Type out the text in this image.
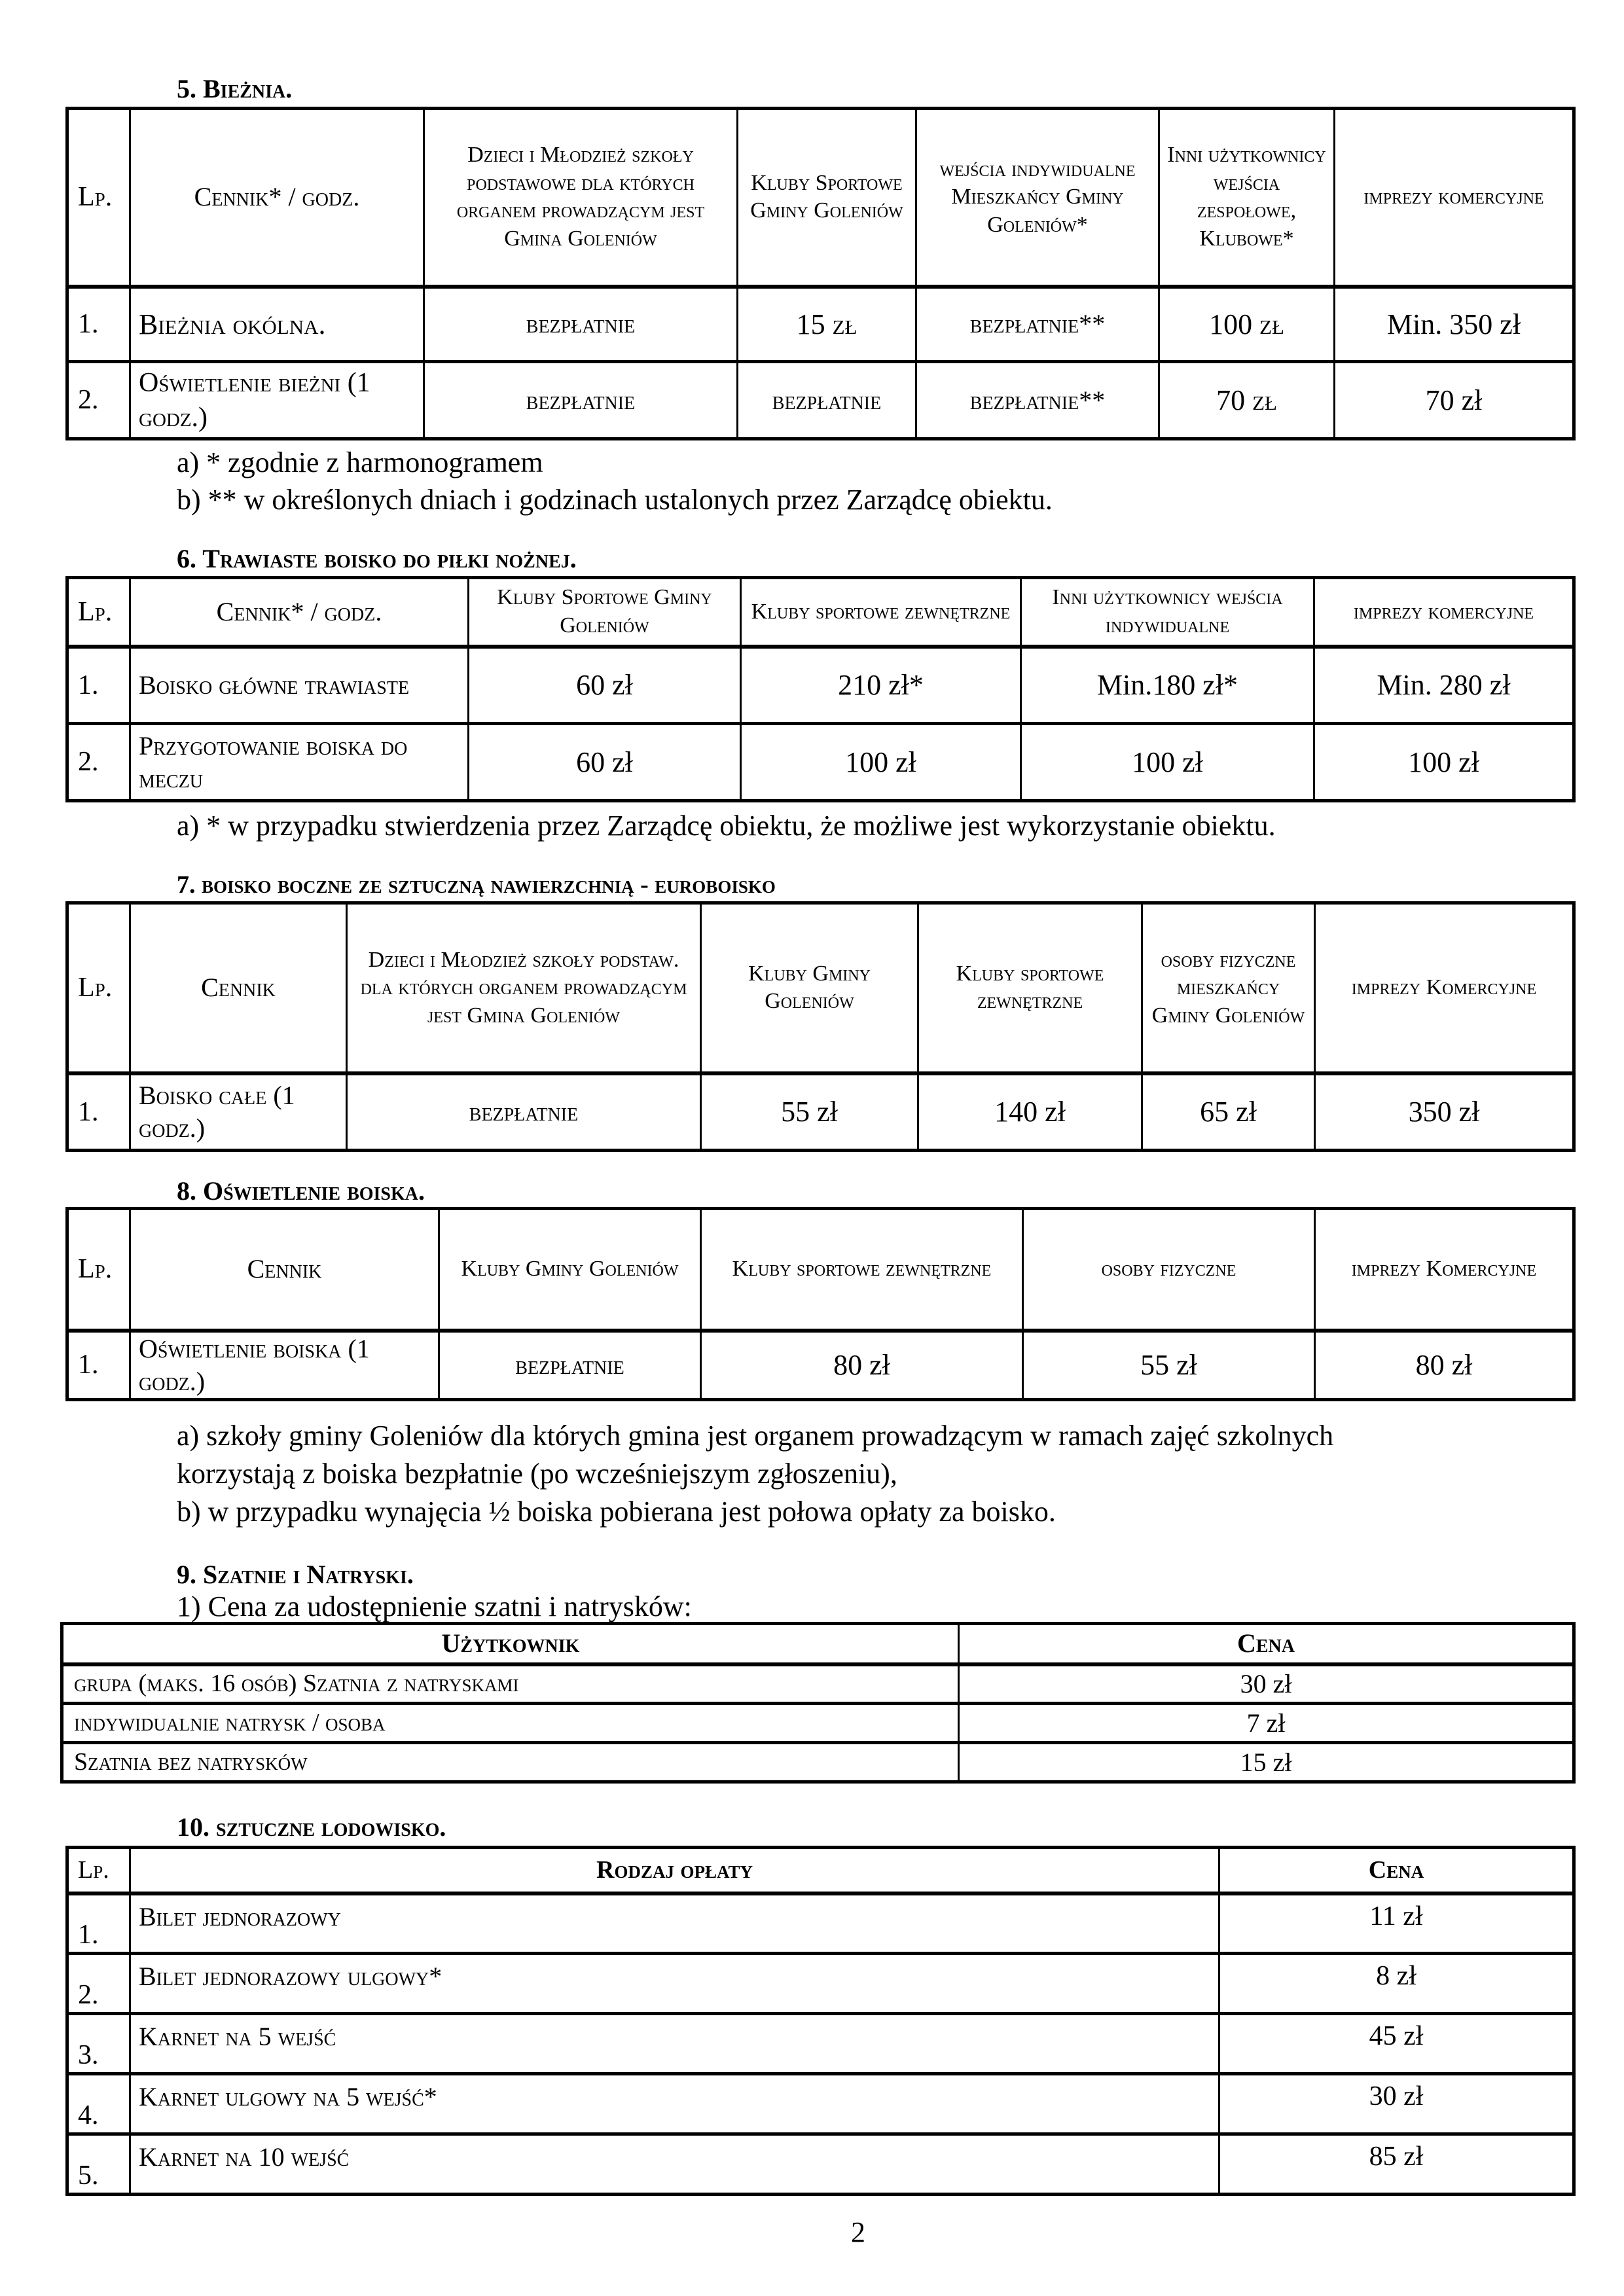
5. Bieżnia.
Lp.	Cennik* / godz.	Dzieci i Młodzież szkoły podstawowe dla których organem prowadzącym jest Gmina Goleniów	Kluby Sportowe Gminy Goleniów	wejścia indywidualne Mieszkańcy Gminy Goleniów*	Inni użytkownicy wejścia zespołowe, Klubowe*	imprezy komercyjne
1.	Bieżnia okólna.	bezpłatnie	15 zł	bezpłatnie**	100 zł	Min. 350 zł
2.	Oświetlenie bieżni (1 godz.)	bezpłatnie	bezpłatnie	bezpłatnie**	70 zł	70 zł
a) * zgodnie z harmonogramem
b) ** w określonych dniach i godzinach ustalonych przez Zarządcę obiektu.
6. Trawiaste boisko do piłki nożnej.
Lp.	Cennik* / godz.	Kluby Sportowe Gminy Goleniów	Kluby sportowe zewnętrzne	Inni użytkownicy wejścia indywidualne	imprezy komercyjne
1.	Boisko główne trawiaste	60 zł	210 zł*	Min.180 zł*	Min. 280 zł
2.	Przygotowanie boiska do meczu	60 zł	100 zł	100 zł	100 zł
a) * w przypadku stwierdzenia przez Zarządcę obiektu, że możliwe jest wykorzystanie obiektu.
7. boisko boczne ze sztuczną nawierzchnią - euroboisko
Lp.	Cennik	Dzieci i Młodzież szkoły podstaw. dla których organem prowadzącym jest Gmina Goleniów	Kluby Gminy Goleniów	Kluby sportowe zewnętrzne	osoby fizyczne mieszkańcy Gminy Goleniów	imprezy Komercyjne
1.	Boisko całe (1 godz.)	bezpłatnie	55 zł	140 zł	65 zł	350 zł
8. Oświetlenie boiska.
Lp.	Cennik	Kluby Gminy Goleniów	Kluby sportowe zewnętrzne	osoby fizyczne	imprezy Komercyjne
1.	Oświetlenie boiska (1 godz.)	bezpłatnie	80 zł	55 zł	80 zł
a) szkoły gminy Goleniów dla których gmina jest organem prowadzącym w ramach zajęć szkolnych
korzystają z boiska bezpłatnie (po wcześniejszym zgłoszeniu),
b) w przypadku wynajęcia ½ boiska pobierana jest połowa opłaty za boisko.
9. Szatnie i Natryski.
1) Cena za udostępnienie szatni i natrysków:
Użytkownik	Cena
grupa (maks. 16 osób) Szatnia z natryskami	30 zł
indywidualnie natrysk / osoba	7 zł
Szatnia bez natrysków	15 zł
10. sztuczne lodowisko.
Lp.	Rodzaj opłaty	Cena
1.	Bilet jednorazowy	11 zł
2.	Bilet jednorazowy ulgowy*	8 zł
3.	Karnet na 5 wejść	45 zł
4.	Karnet ulgowy na 5 wejść*	30 zł
5.	Karnet na 10 wejść	85 zł
2
